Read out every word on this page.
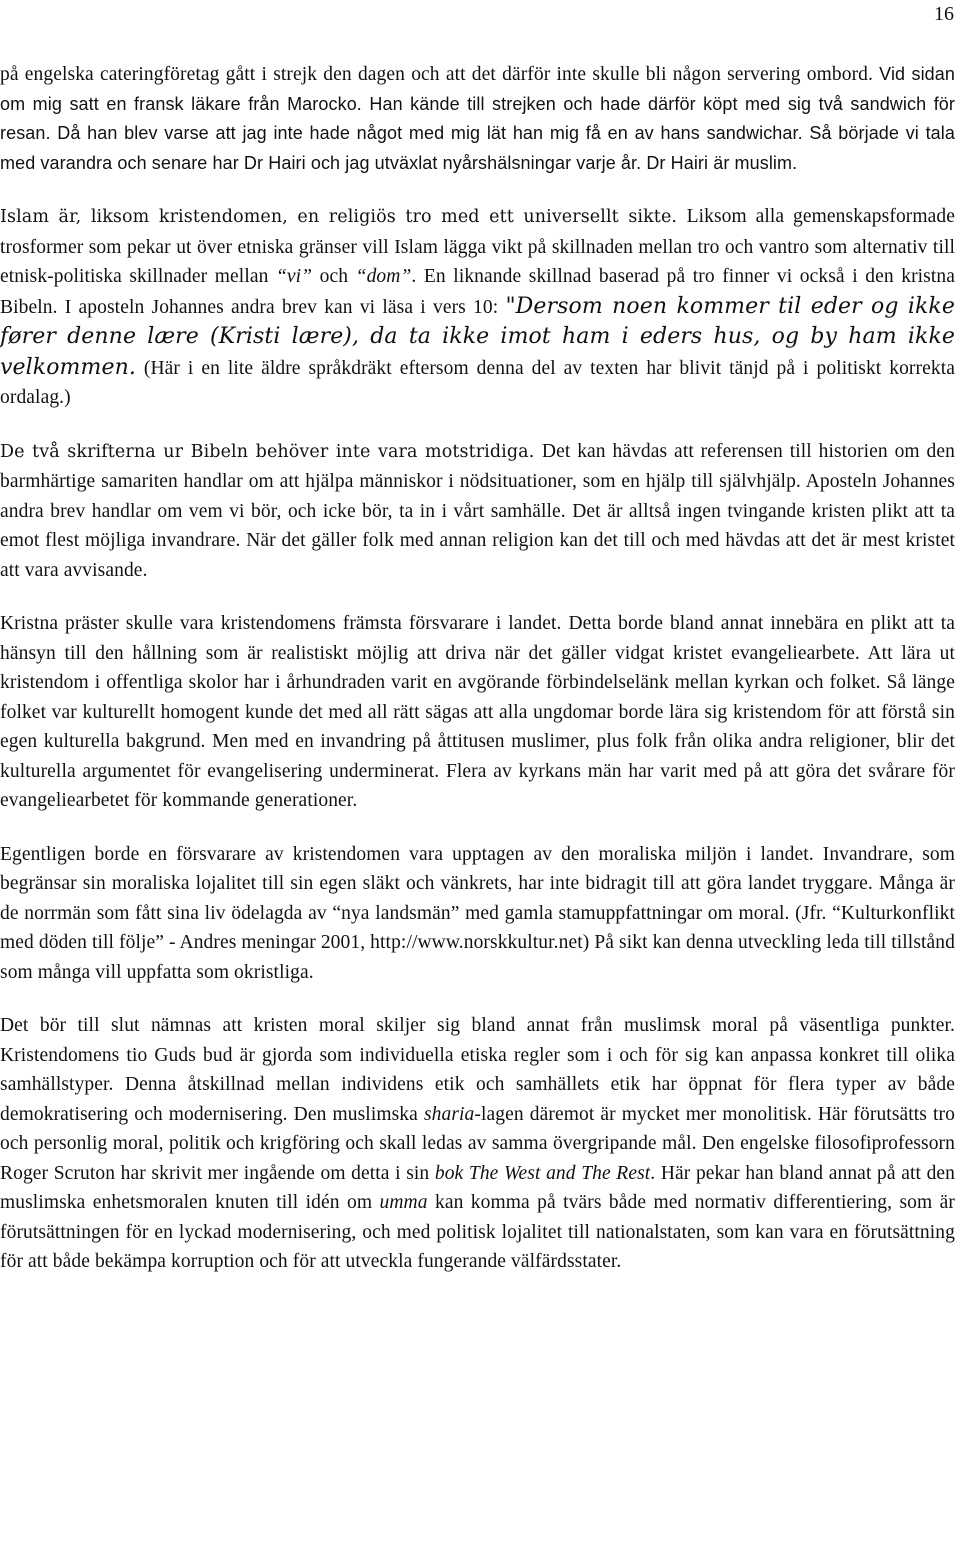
16

på engelska cateringföretag gått i strejk den dagen och att det därför inte skulle bli någon servering ombord. Vid sidan om mig satt en fransk läkare från Marocko. Han kände till strejken och hade därför köpt med sig två sandwich för resan. Då han blev varse att jag inte hade något med mig lät han mig få en av hans sandwichar. Så började vi tala med varandra och senare har Dr Hairi och jag utväxlat nyårshälsningar varje år. Dr Hairi är muslim.

Islam är, liksom kristendomen, en religiös tro med ett universellt sikte. Liksom alla gemenskapsformade trosformer som pekar ut över etniska gränser vill Islam lägga vikt på skillnaden mellan tro och vantro som alternativ till etnisk-politiska skillnader mellan “vi” och “dom”. En liknande skillnad baserad på tro finner vi också i den kristna Bibeln. I aposteln Johannes andra brev kan vi läsa i vers 10: "Dersom noen kommer til eder og ikke fører denne lære (Kristi lære), da ta ikke imot ham i eders hus, og by ham ikke velkommen. (Här i en lite äldre språkdräkt eftersom denna del av texten har blivit tänjd på i politiskt korrekta ordalag.)

De två skrifterna ur Bibeln behöver inte vara motstridiga. Det kan hävdas att referensen till historien om den barmhärtige samariten handlar om att hjälpa människor i nödsituationer, som en hjälp till självhjälp. Aposteln Johannes andra brev handlar om vem vi bör, och icke bör, ta in i vårt samhälle. Det är alltså ingen tvingande kristen plikt att ta emot flest möjliga invandrare. När det gäller folk med annan religion kan det till och med hävdas att det är mest kristet att vara avvisande.

Kristna präster skulle vara kristendomens främsta försvarare i landet. Detta borde bland annat innebära en plikt att ta hänsyn till den hållning som är realistiskt möjlig att driva när det gäller vidgat kristet evangeliearbete. Att lära ut kristendom i offentliga skolor har i århundraden varit en avgörande förbindelselänk mellan kyrkan och folket. Så länge folket var kulturellt homogent kunde det med all rätt sägas att alla ungdomar borde lära sig kristendom för att förstå sin egen kulturella bakgrund. Men med en invandring på åttitusen muslimer, plus folk från olika andra religioner, blir det kulturella argumentet för evangelisering underminerat. Flera av kyrkans män har varit med på att göra det svårare för evangeliearbetet för kommande generationer.

Egentligen borde en försvarare av kristendomen vara upptagen av den moraliska miljön i landet. Invandrare, som begränsar sin moraliska lojalitet till sin egen släkt och vänkrets, har inte bidragit till att göra landet tryggare. Många är de norrmän som fått sina liv ödelagda av “nya landsmän” med gamla stamuppfattningar om moral. (Jfr. “Kulturkonflikt med döden till följe” - Andres meningar 2001, http://www.norskkultur.net) På sikt kan denna utveckling leda till tillstånd som många vill uppfatta som okristliga.

Det bör till slut nämnas att kristen moral skiljer sig bland annat från muslimsk moral på väsentliga punkter. Kristendomens tio Guds bud är gjorda som individuella etiska regler som i och för sig kan anpassa konkret till olika samhällstyper. Denna åtskillnad mellan individens etik och samhällets etik har öppnat för flera typer av både demokratisering och modernisering. Den muslimska sharia-lagen däremot är mycket mer monolitisk. Här förutsätts tro och personlig moral, politik och krigföring och skall ledas av samma övergripande mål. Den engelske filosofiprofessorn Roger Scruton har skrivit mer ingående om detta i sin bok The West and The Rest. Här pekar han bland annat på att den muslimska enhetsmoralen knuten till idén om umma kan komma på tvärs både med normativ differentiering, som är förutsättningen för en lyckad modernisering, och med politisk lojalitet till nationalstaten, som kan vara en förutsättning för att både bekämpa korruption och för att utveckla fungerande välfärdsstater.
